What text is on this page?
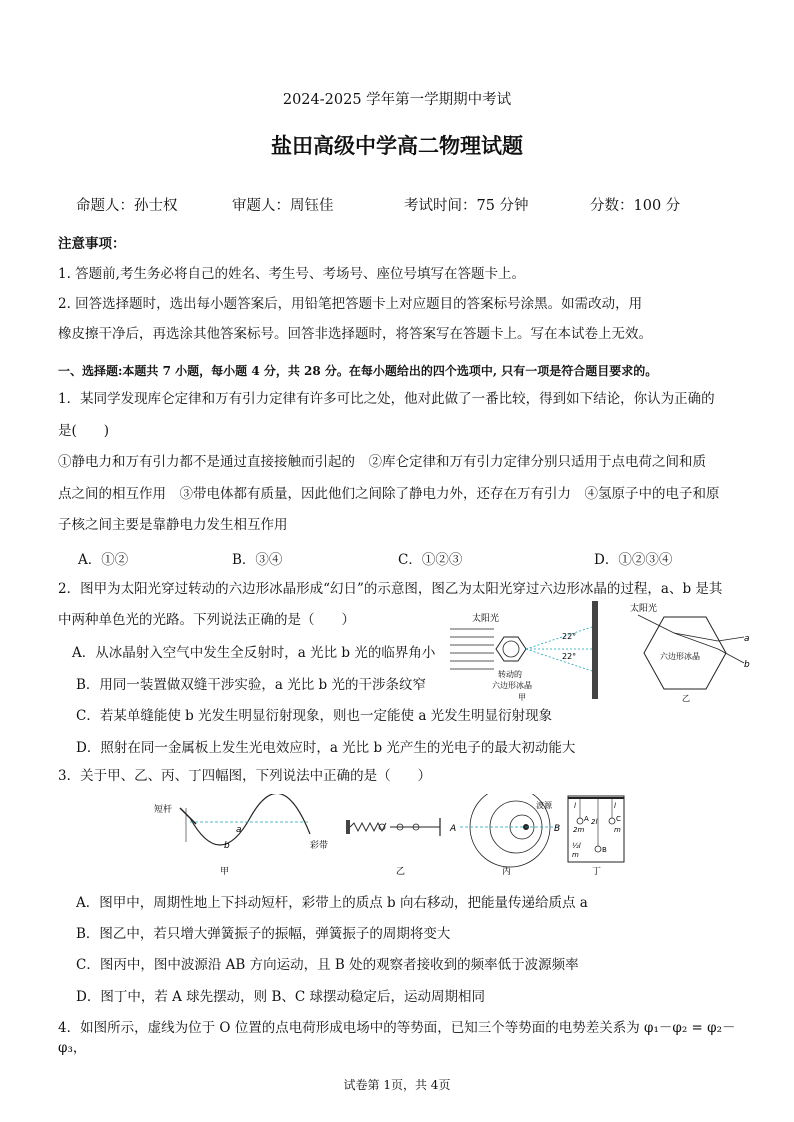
2024-2025 学年第一学期期中考试
盐田高级中学高二物理试题
命题人：孙士权	审题人：周钰佳	考试时间：75 分钟	分数：100 分
注意事项：
1. 答题前,考生务必将自己的姓名、考生号、考场号、座位号填写在答题卡上。
2. 回答选择题时，选出每小题答案后，用铅笔把答题卡上对应题目的答案标号涂黑。如需改动，用
橡皮擦干净后，再选涂其他答案标号。回答非选择题时，将答案写在答题卡上。写在本试卷上无效。
一、选择题:本题共 7 小题，每小题 4 分，共 28 分。在每小题给出的四个选项中, 只有一项是符合题目要求的。
1．某同学发现库仑定律和万有引力定律有许多可比之处，他对此做了一番比较，得到如下结论，你认为正确的
是(　　)
①静电力和万有引力都不是通过直接接触而引起的　②库仑定律和万有引力定律分别只适用于点电荷之间和质
点之间的相互作用　③带电体都有质量，因此他们之间除了静电力外，还存在万有引力　④氢原子中的电子和原
子核之间主要是靠静电力发生相互作用
A．①②	B．③④	C．①②③	D．①②③④
2．图甲为太阳光穿过转动的六边形冰晶形成“幻日”的示意图，图乙为太阳光穿过六边形冰晶的过程，a、b 是其
中两种单色光的光路。下列说法正确的是（　　）
A．从冰晶射入空气中发生全反射时，a 光比 b 光的临界角小
B．用同一装置做双缝干涉实验，a 光比 b 光的干涉条纹窄
C．若某单缝能使 b 光发生明显衍射现象，则也一定能使 a 光发生明显衍射现象
D．照射在同一金属板上发生光电效应时，a 光比 b 光产生的光电子的最大初动能大
太阳光
22°
22°
转动的
六边形冰晶
甲
太阳光
a
b
六边形冰晶
乙
3．关于甲、乙、丙、丁四幅图，下列说法中正确的是（　　）
短杆
a
b	彩带
甲	乙
A	B
波源
丙
l	l
2l
2m	m
A	C
B
½l
m
丁
A．图甲中，周期性地上下抖动短杆，彩带上的质点 b 向右移动，把能量传递给质点 a
B．图乙中，若只增大弹簧振子的振幅，弹簧振子的周期将变大
C．图丙中，图中波源沿 AB 方向运动，且 B 处的观察者接收到的频率低于波源频率
D．图丁中，若 A 球先摆动，则 B、C 球摆动稳定后，运动周期相同
4．如图所示，虚线为位于 O 位置的点电荷形成电场中的等势面，已知三个等势面的电势差关系为 φ₁－φ₂ = φ₂－φ₃，
试卷第 1页，共 4页
